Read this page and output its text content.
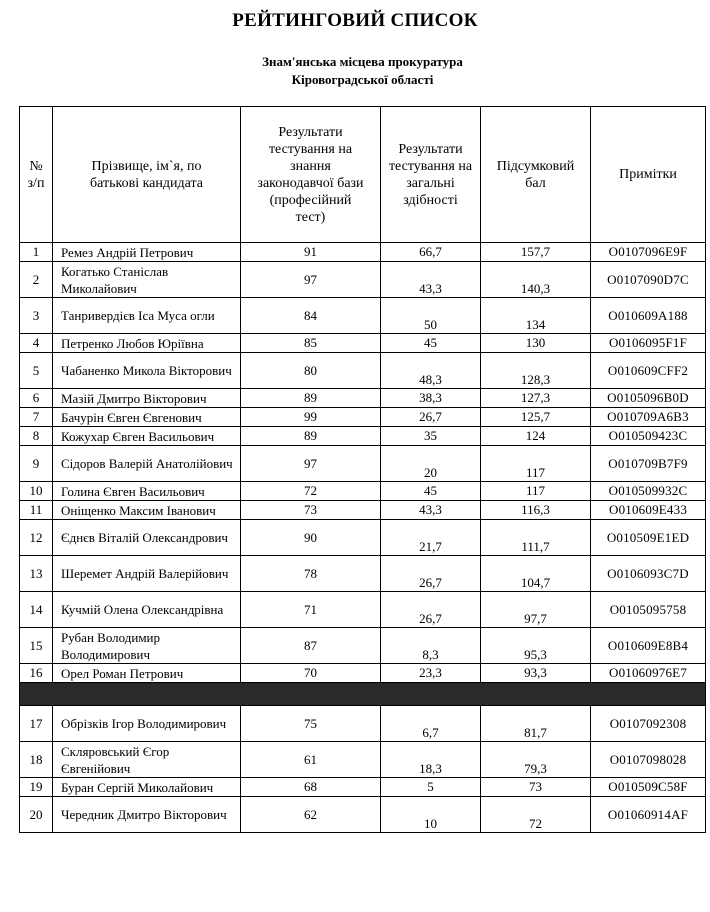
РЕЙТИНГОВИЙ СПИСОК
Знам'янська місцева прокуратура
Кіровоградської області
№ з/п	Прізвище, ім`я, по батькові кандидата	Результати тестування на знання законодавчої бази (професійний тест)	Результати тестування на загальні здібності	Підсумковий бал	Примітки
1	Ремез Андрій Петрович	91	66,7	157,7	O0107096E9F
2	Когатько Станіслав Миколайович	97	43,3	140,3	O0107090D7C
3	Танривердієв Іса Муса огли	84	50	134	O010609A188
4	Петренко Любов Юріївна	85	45	130	O0106095F1F
5	Чабаненко Микола Вікторович	80	48,3	128,3	O010609CFF2
6	Мазій Дмитро Вікторович	89	38,3	127,3	O0105096B0D
7	Бачурін Євген Євгенович	99	26,7	125,7	O010709A6B3
8	Кожухар Євген Васильович	89	35	124	O010509423C
9	Сідоров Валерій Анатолійович	97	20	117	O010709B7F9
10	Голина Євген Васильович	72	45	117	O010509932C
11	Оніщенко Максим Іванович	73	43,3	116,3	O010609E433
12	Єднєв Віталій Олександрович	90	21,7	111,7	O010509E1ED
13	Шеремет Андрій Валерійович	78	26,7	104,7	O0106093C7D
14	Кучмій Олена Олександрівна	71	26,7	97,7	O0105095758
15	Рубан Володимир Володимирович	87	8,3	95,3	O010609E8B4
16	Орел Роман Петрович	70	23,3	93,3	O01060976E7

17	Обрізків Ігор Володимирович	75	6,7	81,7	O0107092308
18	Скляровський Єгор Євгенійович	61	18,3	79,3	O0107098028
19	Буран Сергій Миколайович	68	5	73	O010509C58F
20	Чередник Дмитро Вікторович	62	10	72	O01060914AF
